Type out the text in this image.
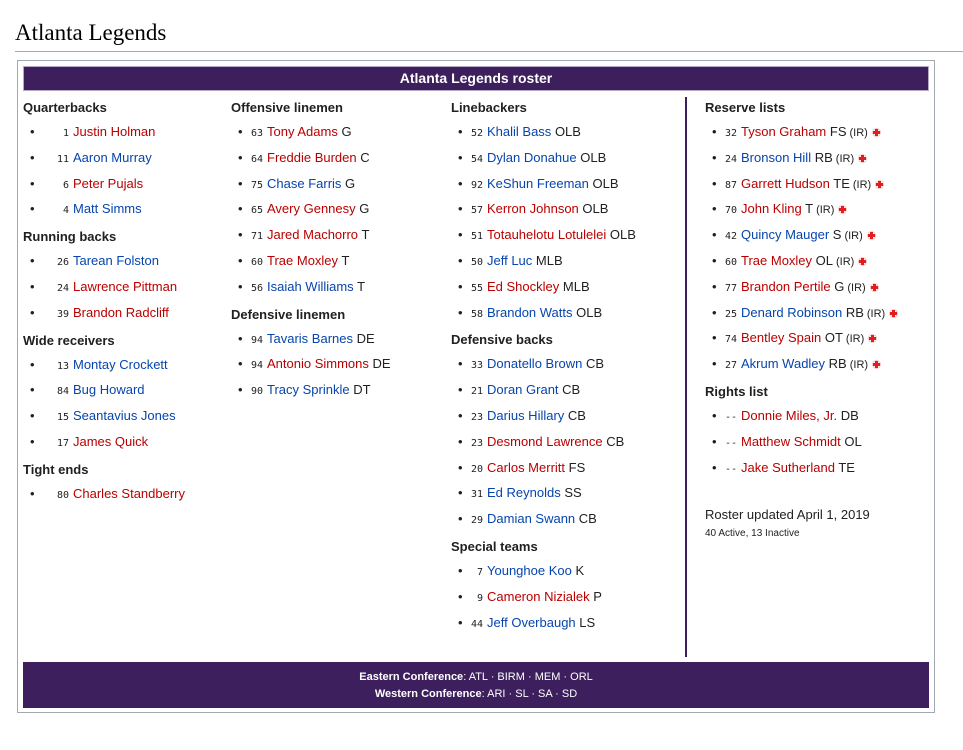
Atlanta Legends
Atlanta Legends roster
Quarterbacks
• 1 Justin Holman
• 11 Aaron Murray
• 6 Peter Pujals
• 4 Matt Simms
Running backs
• 26 Tarean Folston
• 24 Lawrence Pittman
• 39 Brandon Radcliff
Wide receivers
• 13 Montay Crockett
• 84 Bug Howard
• 15 Seantavius Jones
• 17 James Quick
Tight ends
• 80 Charles Standberry
Offensive linemen
• 63 Tony Adams G
• 64 Freddie Burden C
• 75 Chase Farris G
• 65 Avery Gennesy G
• 71 Jared Machorro T
• 60 Trae Moxley T
• 56 Isaiah Williams T
Defensive linemen
• 94 Tavaris Barnes DE
• 94 Antonio Simmons DE
• 90 Tracy Sprinkle DT
Linebackers
• 52 Khalil Bass OLB
• 54 Dylan Donahue OLB
• 92 KeShun Freeman OLB
• 57 Kerron Johnson OLB
• 51 Totauhelotu Lotulelei OLB
• 50 Jeff Luc MLB
• 55 Ed Shockley MLB
• 58 Brandon Watts OLB
Defensive backs
• 33 Donatello Brown CB
• 21 Doran Grant CB
• 23 Darius Hillary CB
• 23 Desmond Lawrence CB
• 20 Carlos Merritt FS
• 31 Ed Reynolds SS
• 29 Damian Swann CB
Special teams
• 7 Younghoe Koo K
• 9 Cameron Nizialek P
• 44 Jeff Overbaugh LS
Reserve lists
• 32 Tyson Graham FS (IR)
• 24 Bronson Hill RB (IR)
• 87 Garrett Hudson TE (IR)
• 70 John Kling T (IR)
• 42 Quincy Mauger S (IR)
• 60 Trae Moxley OL (IR)
• 77 Brandon Pertile G (IR)
• 25 Denard Robinson RB (IR)
• 74 Bentley Spain OT (IR)
• 27 Akrum Wadley RB (IR)
Rights list
• -- Donnie Miles, Jr. DB
• -- Matthew Schmidt OL
• -- Jake Sutherland TE
Roster updated April 1, 2019
40 Active, 13 Inactive
Eastern Conference: ATL · BIRM · MEM · ORL
Western Conference: ARI · SL · SA · SD
